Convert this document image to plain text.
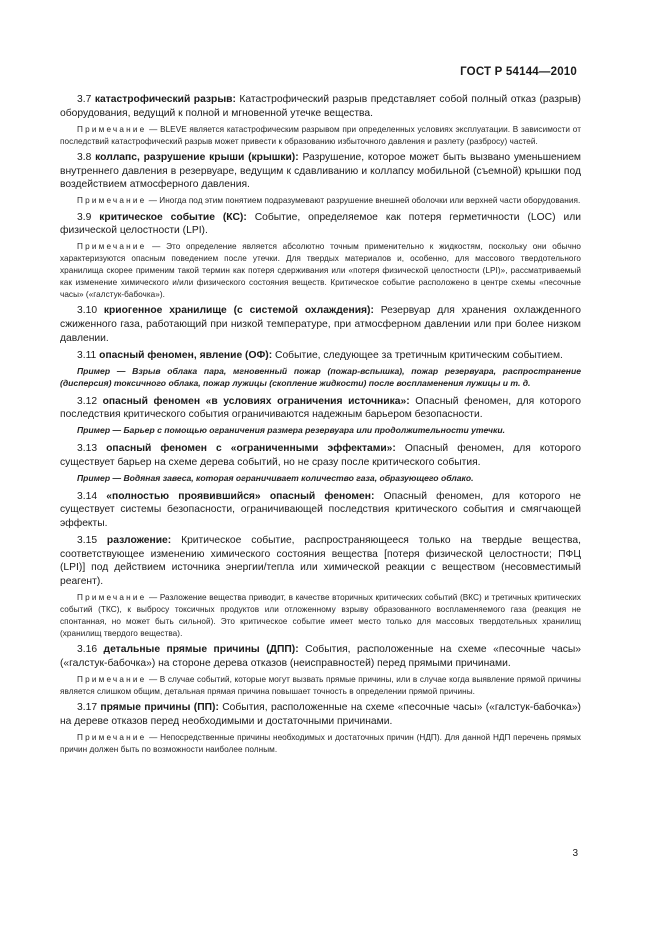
ГОСТ Р 54144—2010

3.7 катастрофический разрыв: Катастрофический разрыв представляет собой полный отказ (разрыв) оборудования, ведущий к полной и мгновенной утечке вещества.

Примечание — BLEVE является катастрофическим разрывом при определенных условиях эксплуатации. В зависимости от последствий катастрофический разрыв может привести к образованию избыточного давления и разлету (разбросу) частей.

3.8 коллапс, разрушение крыши (крышки): Разрушение, которое может быть вызвано уменьшением внутреннего давления в резервуаре, ведущим к сдавливанию и коллапсу мобильной (съемной) крышки под воздействием атмосферного давления.

Примечание — Иногда под этим понятием подразумевают разрушение внешней оболочки или верхней части оборудования.

3.9 критическое событие (КС): Событие, определяемое как потеря герметичности (LOC) или физической целостности (LPI).

Примечание — Это определение является абсолютно точным применительно к жидкостям, поскольку они обычно характеризуются опасным поведением после утечки. Для твердых материалов и, особенно, для массового твердотельного хранилища скорее применим такой термин как потеря сдерживания или «потеря физической целостности (LPI)», рассматриваемый как изменение химического и/или физического состояния веществ. Критическое событие расположено в центре схемы «песочные часы» («галстук-бабочка»).

3.10 криогенное хранилище (с системой охлаждения): Резервуар для хранения охлажденного сжиженного газа, работающий при низкой температуре, при атмосферном давлении или при более низком давлении.

3.11 опасный феномен, явление (ОФ): Событие, следующее за третичным критическим событием.

Пример — Взрыв облака пара, мгновенный пожар (пожар-вспышка), пожар резервуара, распространение (дисперсия) токсичного облака, пожар лужицы (скопление жидкости) после воспламенения лужицы и т. д.

3.12 опасный феномен «в условиях ограничения источника»: Опасный феномен, для которого последствия критического события ограничиваются надежным барьером безопасности.

Пример — Барьер с помощью ограничения размера резервуара или продолжительности утечки.

3.13 опасный феномен с «ограниченными эффектами»: Опасный феномен, для которого существует барьер на схеме дерева событий, но не сразу после критического события.

Пример — Водяная завеса, которая ограничивает количество газа, образующего облако.

3.14 «полностью проявившийся» опасный феномен: Опасный феномен, для которого не существует системы безопасности, ограничивающей последствия критического события и смягчающей эффекты.

3.15 разложение: Критическое событие, распространяющееся только на твердые вещества, соответствующее изменению химического состояния вещества [потеря физической целостности; ПФЦ (LPI)] под действием источника энергии/тепла или химической реакции с веществом (несовместимый реагент).

Примечание — Разложение вещества приводит, в качестве вторичных критических событий (ВКС) и третичных критических событий (ТКС), к выбросу токсичных продуктов или отложенному взрыву образованного воспламеняемого газа (реакция не спонтанная, но может быть сильной). Это критическое событие имеет место только для массовых твердотельных хранилищ (хранилищ твердого вещества).

3.16 детальные прямые причины (ДПП): События, расположенные на схеме «песочные часы» («галстук-бабочка») на стороне дерева отказов (неисправностей) перед прямыми причинами.

Примечание — В случае событий, которые могут вызвать прямые причины, или в случае когда выявление прямой причины является слишком общим, детальная прямая причина повышает точность в определении прямой причины.

3.17 прямые причины (ПП): События, расположенные на схеме «песочные часы» («галстук-бабочка») на дереве отказов перед необходимыми и достаточными причинами.

Примечание — Непосредственные причины необходимых и достаточных причин (НДП). Для данной НДП перечень прямых причин должен быть по возможности наиболее полным.

3
